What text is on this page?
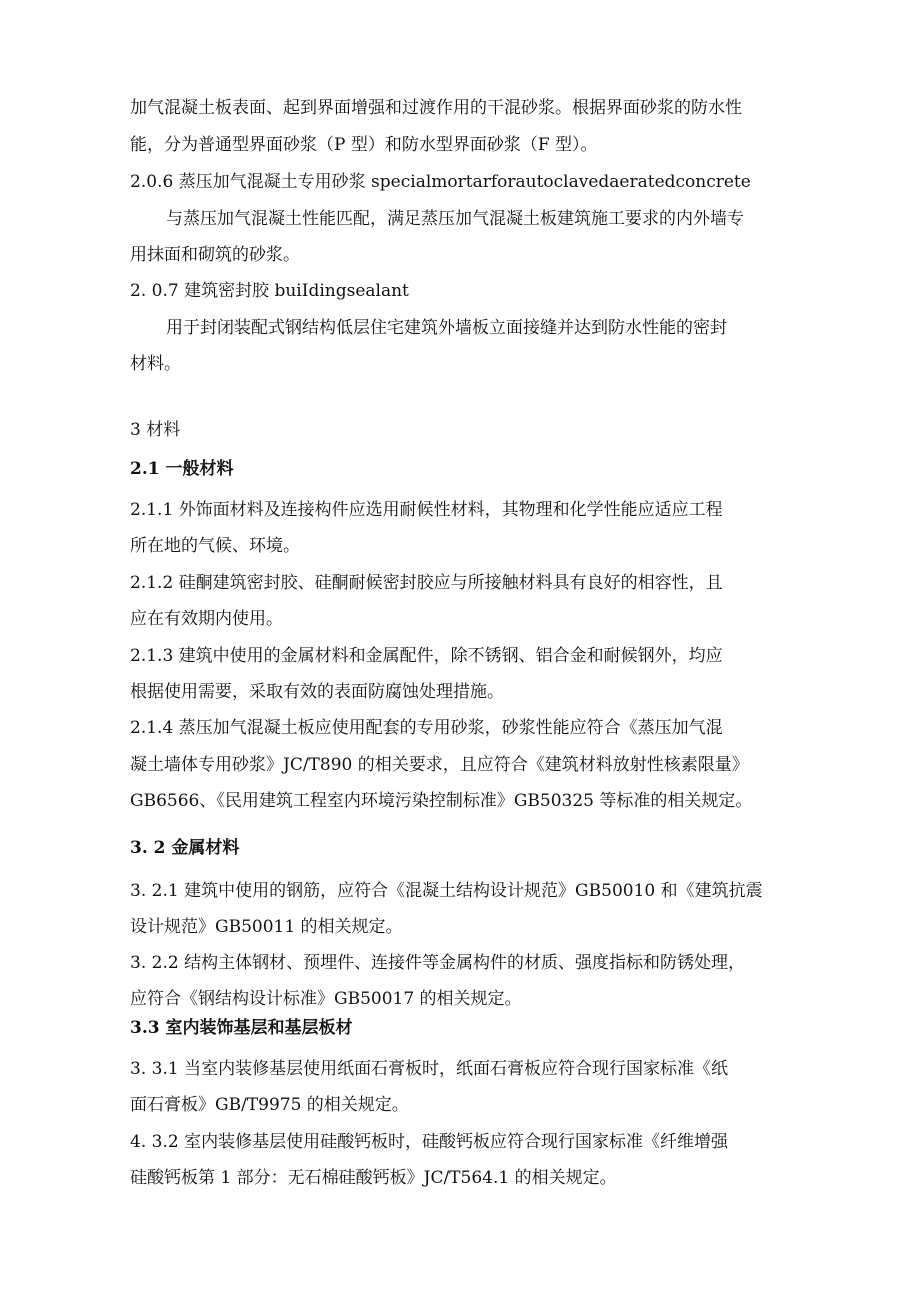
加气混凝土板表面、起到界面增强和过渡作用的干混砂浆。根据界面砂浆的防水性
能，分为普通型界面砂浆（P 型）和防水型界面砂浆（F 型）。
2.0.6 蒸压加气混凝土专用砂浆 specialmortarforautoclavedaeratedconcrete
与蒸压加气混凝土性能匹配，满足蒸压加气混凝土板建筑施工要求的内外墙专
用抹面和砌筑的砂浆。
2. 0.7 建筑密封胶 buiIdingsealant
用于封闭装配式钢结构低层住宅建筑外墙板立面接缝并达到防水性能的密封
材料。
3 材料
2.1 一般材料
2.1.1 外饰面材料及连接构件应选用耐候性材料，其物理和化学性能应适应工程
所在地的气候、环境。
2.1.2 硅酮建筑密封胶、硅酮耐候密封胶应与所接触材料具有良好的相容性，且
应在有效期内使用。
2.1.3 建筑中使用的金属材料和金属配件，除不锈钢、铝合金和耐候钢外，均应
根据使用需要，采取有效的表面防腐蚀处理措施。
2.1.4 蒸压加气混凝土板应使用配套的专用砂浆，砂浆性能应符合《蒸压加气混
凝土墙体专用砂浆》JC/T890 的相关要求，且应符合《建筑材料放射性核素限量》
GB6566、《民用建筑工程室内环境污染控制标准》GB50325 等标准的相关规定。
3. 2 金属材料
3. 2.1 建筑中使用的钢筋，应符合《混凝土结构设计规范》GB50010 和《建筑抗震
设计规范》GB50011 的相关规定。
3. 2.2 结构主体钢材、预埋件、连接件等金属构件的材质、强度指标和防锈处理，
应符合《钢结构设计标准》GB50017 的相关规定。
3.3 室内装饰基层和基层板材
3. 3.1 当室内装修基层使用纸面石膏板时，纸面石膏板应符合现行国家标准《纸
面石膏板》GB/T9975 的相关规定。
4. 3.2 室内装修基层使用硅酸钙板时，硅酸钙板应符合现行国家标准《纤维增强
硅酸钙板第 1 部分：无石棉硅酸钙板》JC/T564.1 的相关规定。
